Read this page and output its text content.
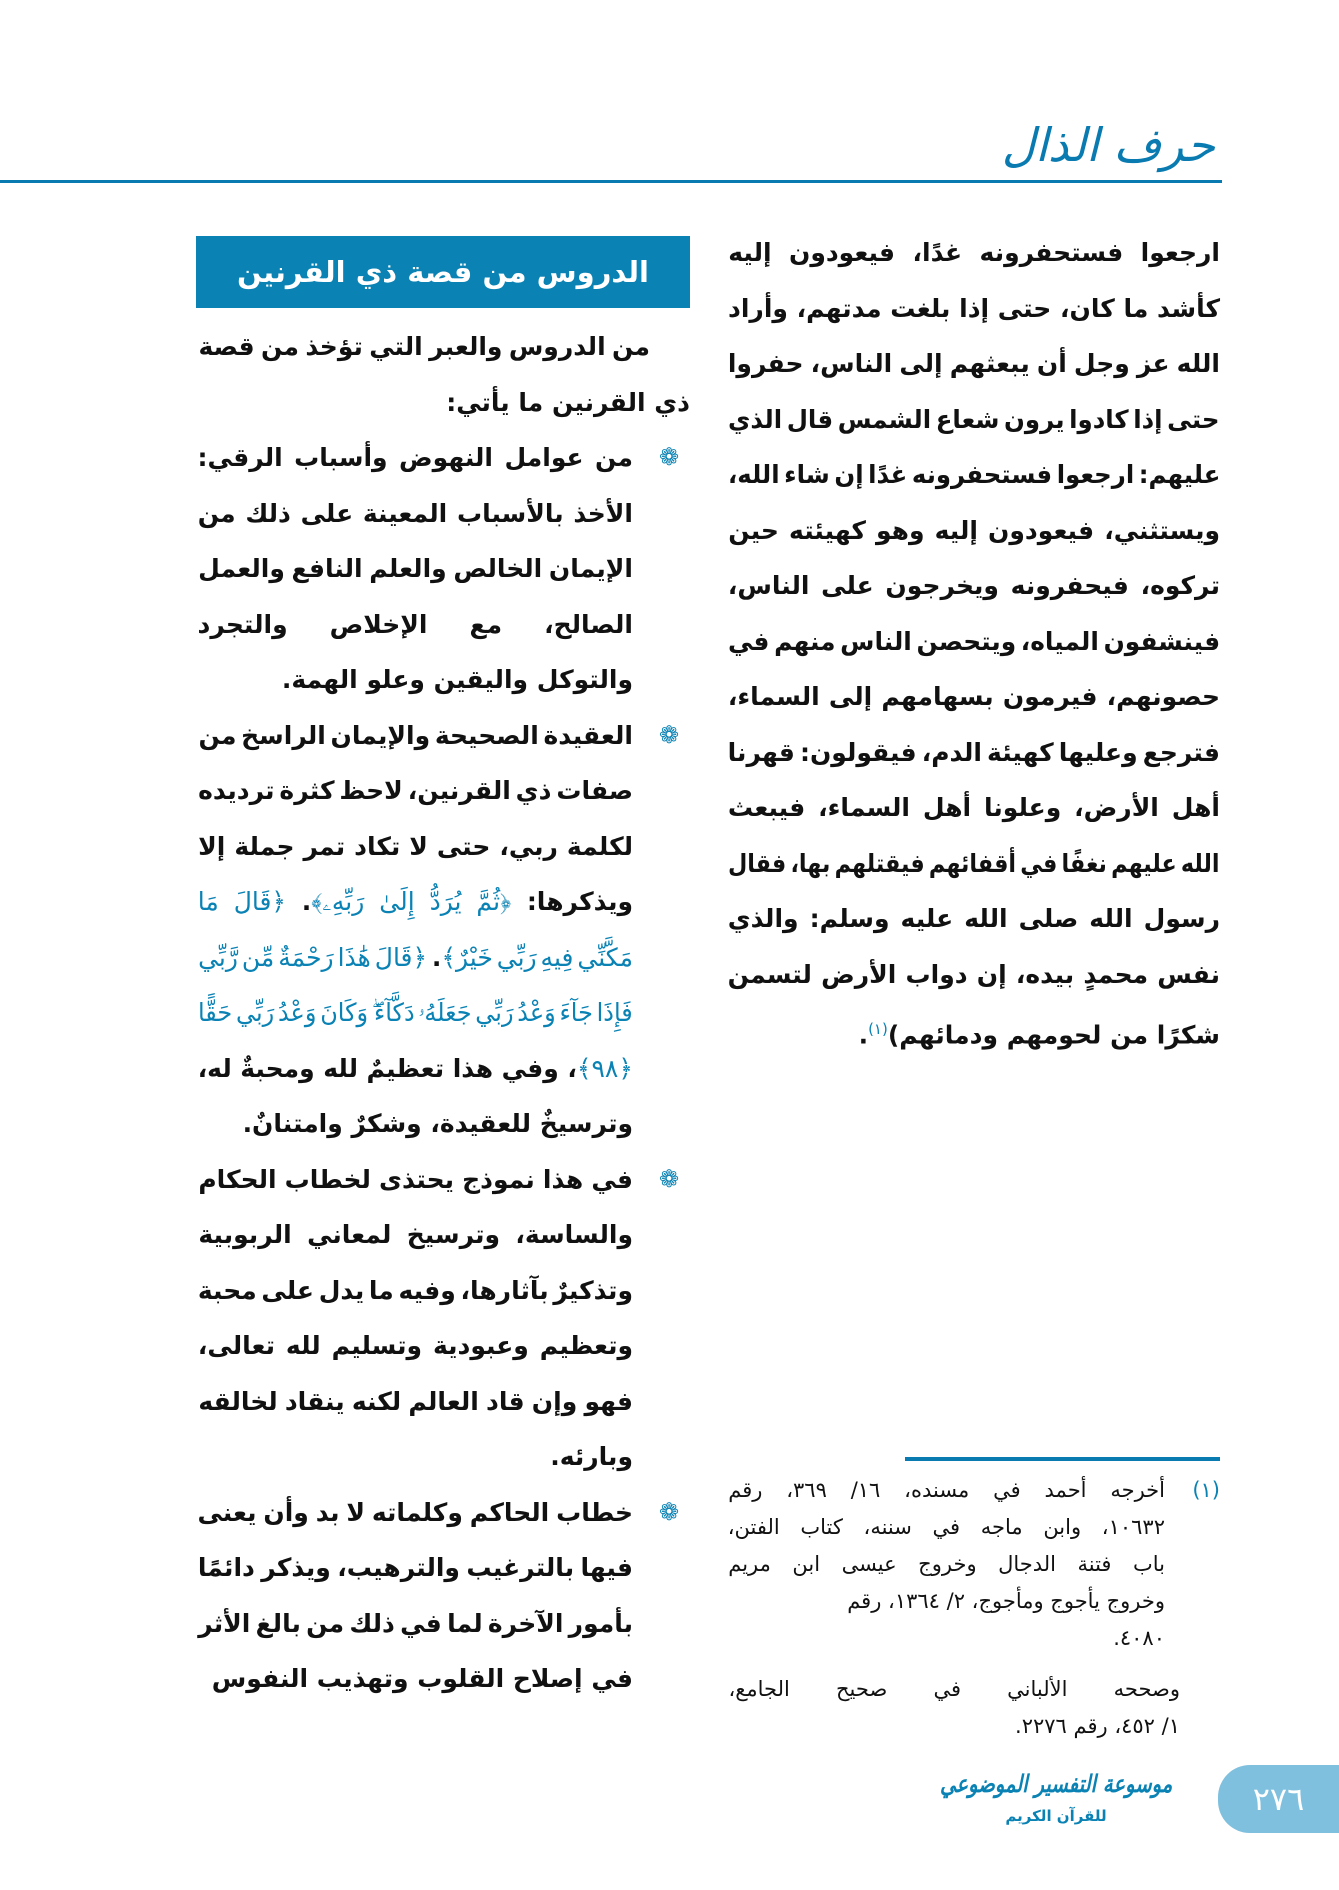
حرف الذال
ارجعوا فستحفرونه غدًا، فيعودون إليه
كأشد ما كان، حتى إذا بلغت مدتهم، وأراد
الله عز وجل أن يبعثهم إلى الناس، حفروا
حتى إذا كادوا يرون شعاع الشمس قال الذي
عليهم: ارجعوا فستحفرونه غدًا إن شاء الله،
ويستثني، فيعودون إليه وهو كهيئته حين
تركوه، فيحفرونه ويخرجون على الناس،
فينشفون المياه، ويتحصن الناس منهم في
حصونهم، فيرمون بسهامهم إلى السماء،
فترجع وعليها كهيئة الدم، فيقولون: قهرنا
أهل الأرض، وعلونا أهل السماء، فيبعث
الله عليهم نغفًا في أقفائهم فيقتلهم بها، فقال
رسول الله صلى الله عليه وسلم: والذي
نفس محمدٍ بيده، إن دواب الأرض لتسمن
شكرًا من لحومهم ودمائهم)$^{(١)}$.
الدروس من قصة ذي القرنين
من الدروس والعبر التي تؤخذ من قصة
ذي القرنين ما يأتي:
❁
من عوامل النهوض وأسباب الرقي:
الأخذ بالأسباب المعينة على ذلك من
الإيمان الخالص والعلم النافع والعمل
الصالح، مع الإخلاص والتجرد
والتوكل واليقين وعلو الهمة.
❁
العقيدة الصحيحة والإيمان الراسخ من
صفات ذي القرنين، لاحظ كثرة ترديده
لكلمة ربي، حتى لا تكاد تمر جملة إلا
ويذكرها: ﴿ثُمَّ يُرَدُّ إِلَىٰ رَبِّهِۦ﴾. ﴿قَالَ مَا
مَكَّنِّي فِيهِ رَبِّي خَيْرٌ﴾. ﴿قَالَ هَٰذَا رَحْمَةٌ مِّن رَّبِّي
فَإِذَا جَآءَ وَعْدُ رَبِّي جَعَلَهُۥ دَكَّآءَ ۖ وَكَانَ وَعْدُ رَبِّي حَقًّا
﴿٩٨﴾، وفي هذا تعظيمٌ لله ومحبةٌ له،
وترسيخٌ للعقيدة، وشكرٌ وامتنانٌ.
❁
في هذا نموذج يحتذى لخطاب الحكام
والساسة، وترسيخ لمعاني الربوبية
وتذكيرٌ بآثارها، وفيه ما يدل على محبة
وتعظيم وعبودية وتسليم لله تعالى،
فهو وإن قاد العالم لكنه ينقاد لخالقه
وبارئه.
❁
خطاب الحاكم وكلماته لا بد وأن يعنى
فيها بالترغيب والترهيب، ويذكر دائمًا
بأمور الآخرة لما في ذلك من بالغ الأثر
في إصلاح القلوب وتهذيب النفوس
(١)
أخرجه أحمد في مسنده، ١٦/ ٣٦٩، رقم
١٠٦٣٢، وابن ماجه في سننه، كتاب الفتن،
باب فتنة الدجال وخروج عيسى ابن مريم
وخروج يأجوج ومأجوج، ٢/ ١٣٦٤، رقم
٤٠٨٠.
وصححه الألباني في صحيح الجامع،
١/ ٤٥٢، رقم ٢٢٧٦.
موسوعة التفسير الموضوعي
للقرآن الكريم	٢٧٦
